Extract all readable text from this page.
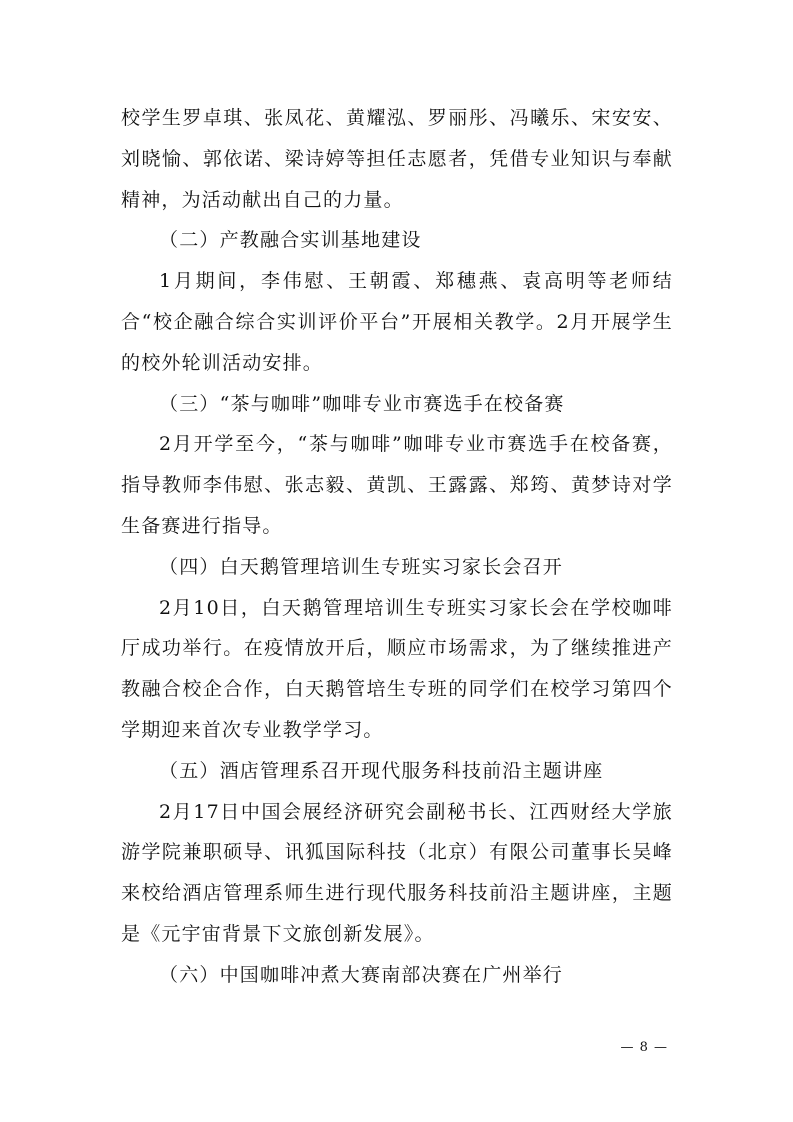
校学生罗卓琪、张凤花、黄耀泓、罗丽彤、冯曦乐、宋安安、刘晓愉、郭依诺、梁诗婷等担任志愿者，凭借专业知识与奉献精神，为活动献出自己的力量。

（二）产教融合实训基地建设

1月期间，李伟慰、王朝霞、郑穗燕、袁高明等老师结合“校企融合综合实训评价平台”开展相关教学。2月开展学生的校外轮训活动安排。

（三）“茶与咖啡”咖啡专业市赛选手在校备赛

2月开学至今，“茶与咖啡”咖啡专业市赛选手在校备赛，指导教师李伟慰、张志毅、黄凯、王露露、郑筠、黄梦诗对学生备赛进行指导。

（四）白天鹅管理培训生专班实习家长会召开

2月10日，白天鹅管理培训生专班实习家长会在学校咖啡厅成功举行。在疫情放开后，顺应市场需求，为了继续推进产教融合校企合作，白天鹅管培生专班的同学们在校学习第四个学期迎来首次专业教学学习。

（五）酒店管理系召开现代服务科技前沿主题讲座

2月17日中国会展经济研究会副秘书长、江西财经大学旅游学院兼职硕导、讯狐国际科技（北京）有限公司董事长吴峰来校给酒店管理系师生进行现代服务科技前沿主题讲座，主题是《元宇宙背景下文旅创新发展》。

（六）中国咖啡冲煮大赛南部决赛在广州举行

— 8 —
